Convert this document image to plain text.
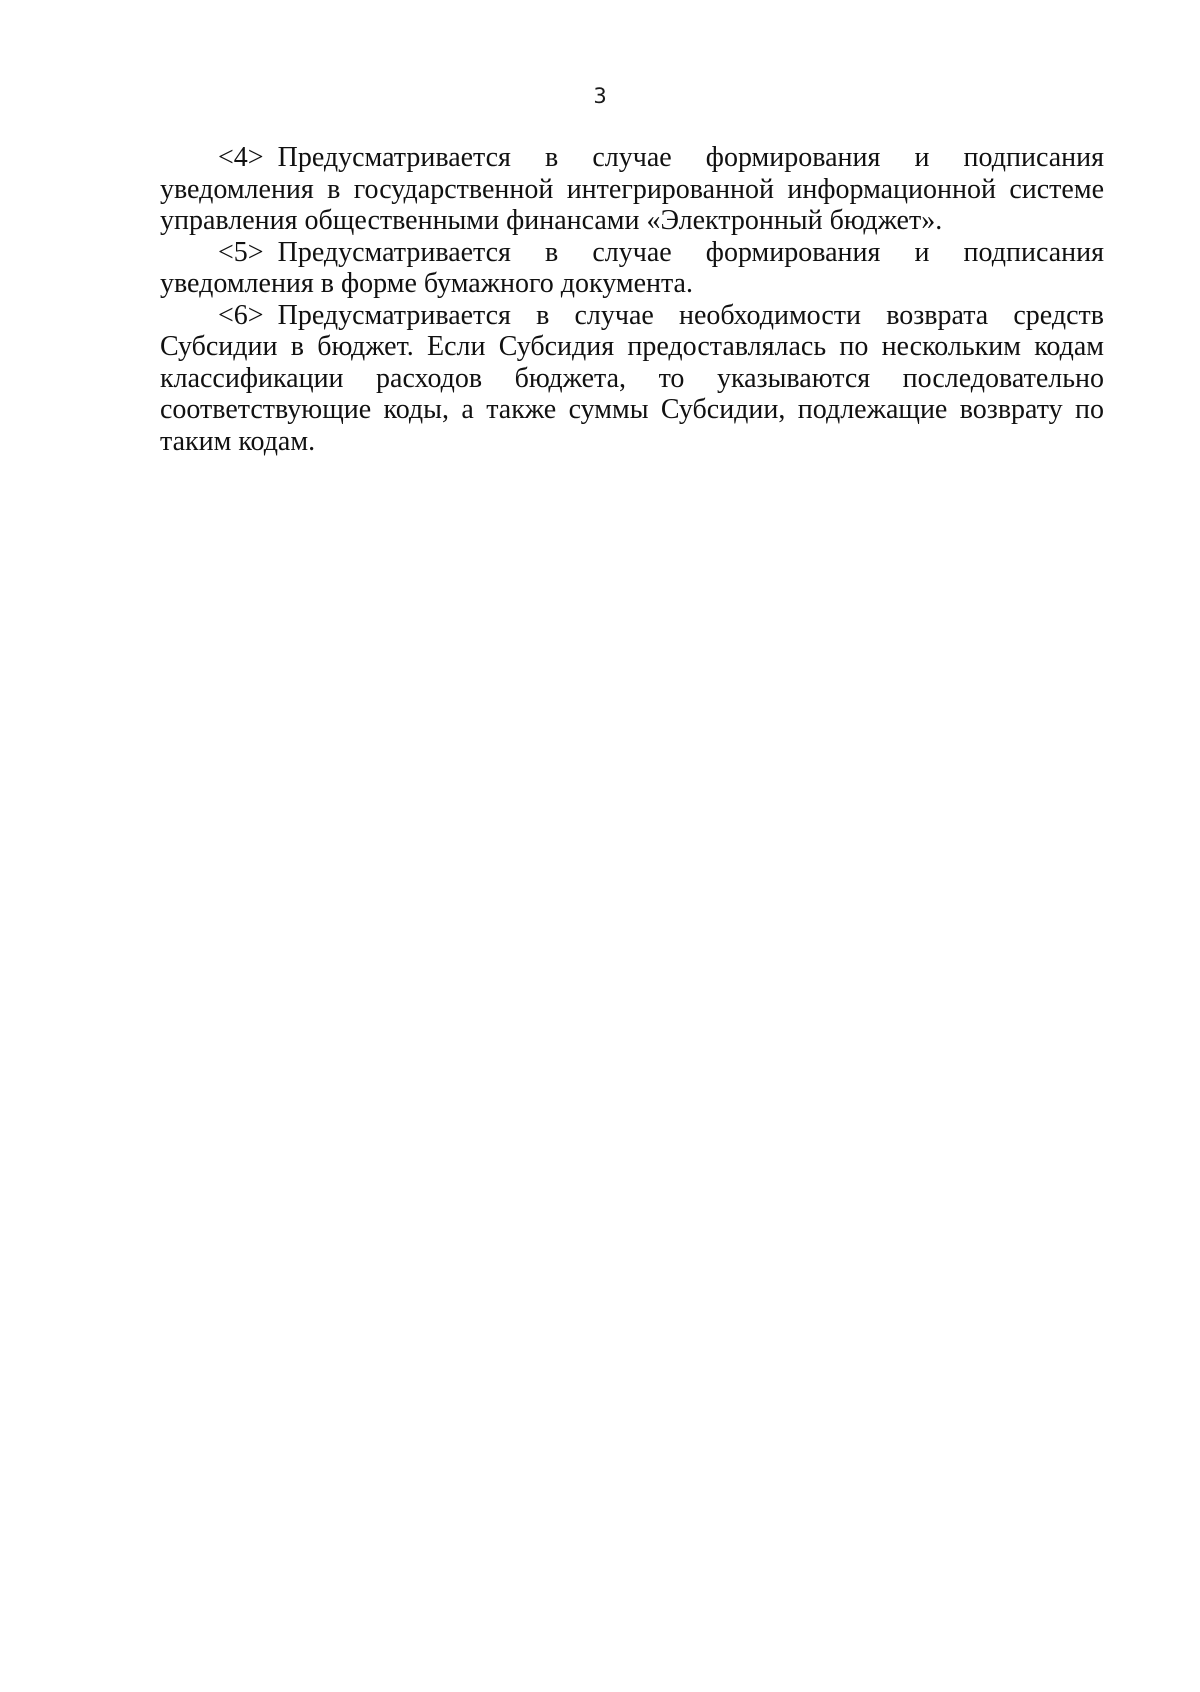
3

<4> Предусматривается в случае формирования и подписания уведомления в государственной интегрированной информационной системе управления общественными финансами «Электронный бюджет».

<5> Предусматривается в случае формирования и подписания уведомления в форме бумажного документа.

<6> Предусматривается в случае необходимости возврата средств Субсидии в бюджет. Если Субсидия предоставлялась по нескольким кодам классификации расходов бюджета, то указываются последовательно соответствующие коды, а также суммы Субсидии, подлежащие возврату по таким кодам.
